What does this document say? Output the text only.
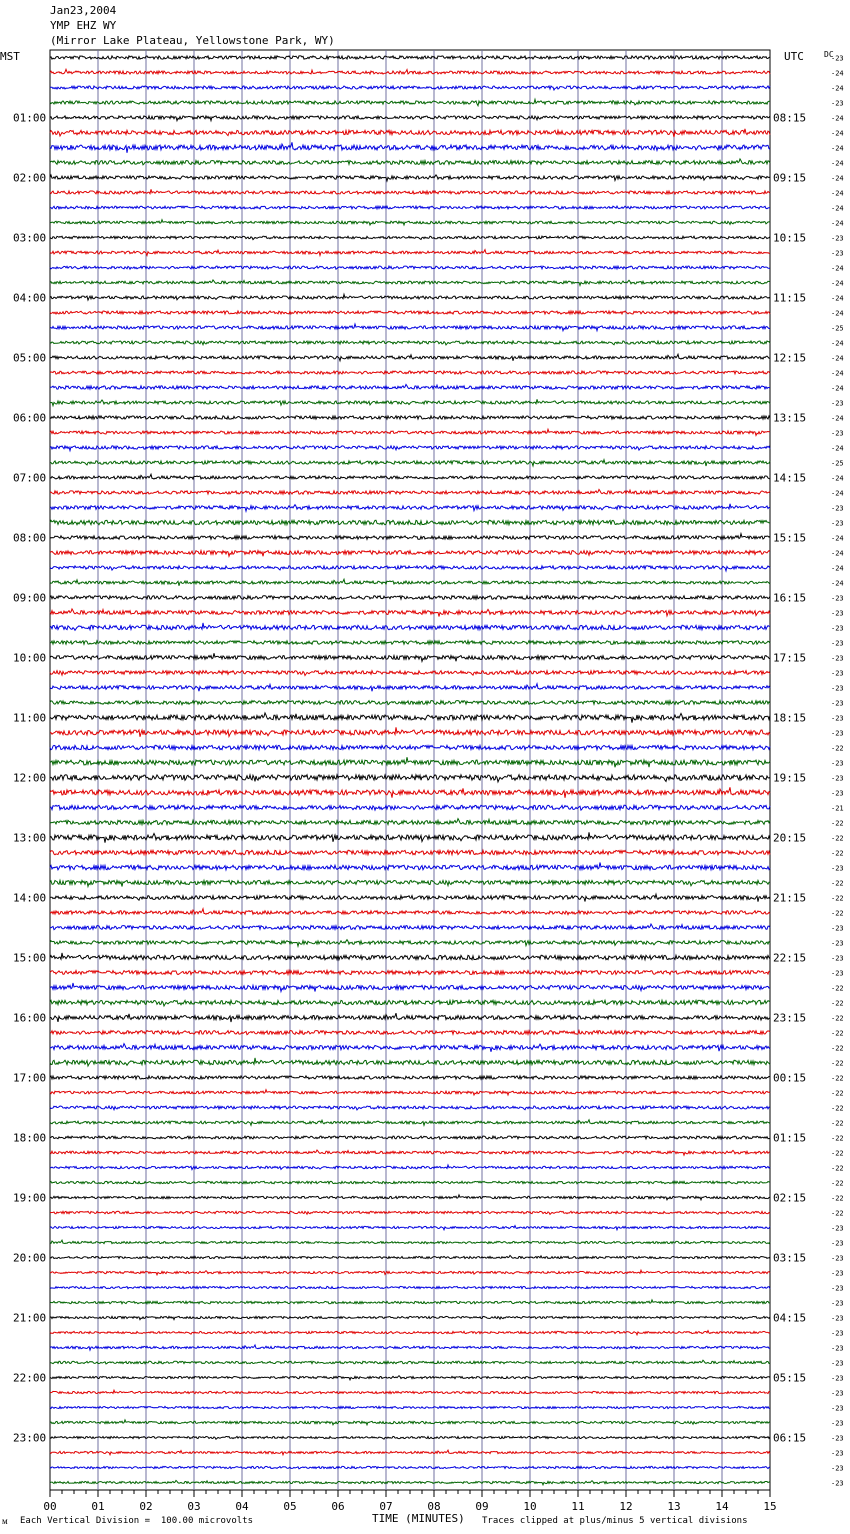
Jan23,2004
YMP EHZ WY
(Mirror Lake Plateau, Yellowstone Park, WY)
MST	UTC	DC
-23
-24
-24
-23
-24
-24
-24
-24
-24
-24
-24
-24
-23
-23
-24
-24
-24
-24
-25
-24
-24
-24
-24
-23
-24
-23
-24
-25
-24
-24
-23
-23
-24
-24
-24
-24
-23
-23
-23
-23
-23
-23
-23
-23
-23
-23
-22
-23
-23
-23
-21
-22
-22
-22
-23
-22
-22
-22
-23
-23
-23
-23
-22
-22
-22
-22
-22
-22
-22
-22
-22
-22
-22
-22
-22
-22
-22
-22
-23
-23
-23
-23
-23
-23
-23
-23
-23
-23
-23
-23
-23
-23
-23
-23
-23
-23
01:00	08:15
02:00	09:15
03:00	10:15
04:00	11:15
05:00	12:15
06:00	13:15
07:00	14:15
08:00	15:15
09:00	16:15
10:00	17:15
11:00	18:15
12:00	19:15
13:00	20:15
14:00	21:15
15:00	22:15
16:00	23:15
17:00	00:15
18:00	01:15
19:00	02:15
20:00	03:15
21:00	04:15
22:00	05:15
23:00	06:15
00	01	02	03	04	05	06	07	08	09	10	11	12	13	14	15
ᴍ Each Vertical Division =  100.00 microvolts	TIME (MINUTES) Traces clipped at plus/minus 5 vertical divisions
